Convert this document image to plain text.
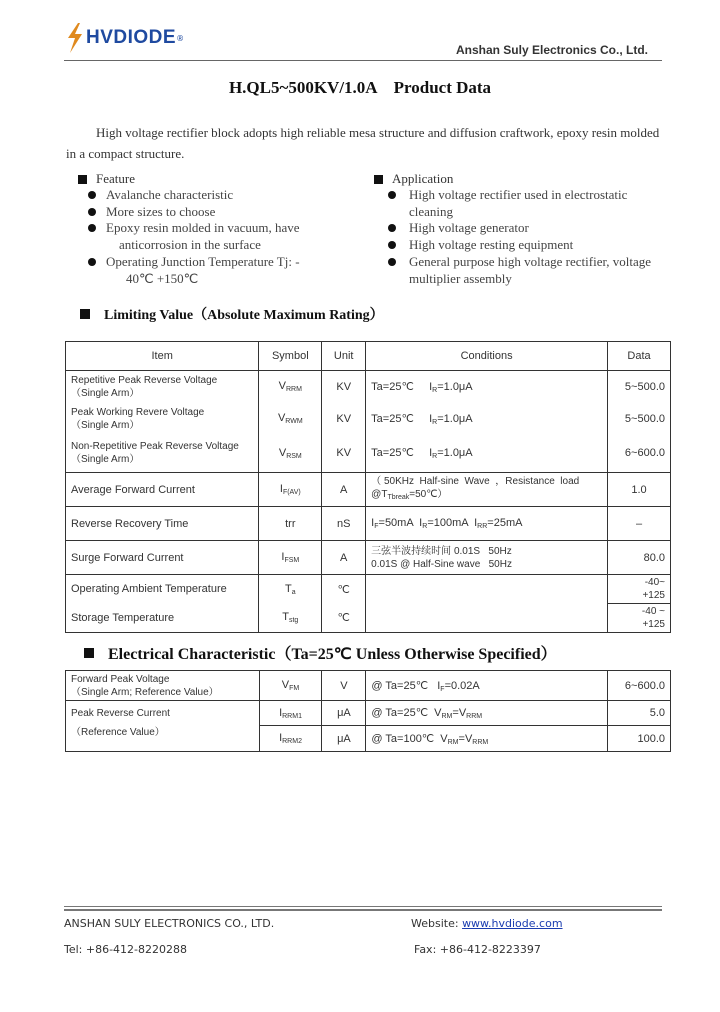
HVDIODE ®
Anshan Suly Electronics Co., Ltd.
H.QL5~500KV/1.0A    Product Data
High voltage rectifier block adopts high reliable mesa structure and diffusion craftwork, epoxy resin molded in a compact structure.
Feature
Avalanche characteristic
More sizes to choose
Epoxy resin molded in vacuum, have
anticorrosion in the surface
Operating Junction Temperature Tj: -
40℃ +150℃
Application
High voltage rectifier used in electrostatic
cleaning
High voltage generator
High voltage resting equipment
General purpose high voltage rectifier, voltage
multiplier assembly
Limiting Value（Absolute Maximum Rating）
Item	Symbol	Unit	Conditions	Data

Repetitive Peak Reverse Voltage
（Single Arm）	$V_{RRM}$	KV	Ta=25℃ $I_R=1.0\mu A$	5~500.0

Peak Working Revere Voltage
（Single Arm）	$V_{RWM}$	KV	Ta=25℃ $I_R=1.0\mu A$	5~500.0

Non-Repetitive Peak Reverse Voltage
（Single Arm）	$V_{RSM}$	KV	Ta=25℃ $I_R=1.0\mu A$	6~600.0
Average Forward Current	$I_{F(AV)}$	A	（ 50KHz  Half-sine  Wave  ，Resistance  load
$@T_{Tbreak}=50℃$）	1.0
Reverse Recovery Time	trr	nS	$I_F=50mA$  $I_R=100mA$  $I_{RR}=25mA$	–
Surge Forward Current	$I_{FSM}$	A	三弦半波持续时间 0.01S   50Hz
0.01S @ Half-Sine wave   50Hz	80.0
Operating Ambient Temperature	$T_a$	℃		-40~
+125

Storage Temperature	$T_{stg}$	℃		-40 ~
+125
Electrical Characteristic（Ta=25℃ Unless Otherwise Specified）
Forward Peak Voltage
（Single Arm; Reference Value）	$V_{FM}$	V	@ Ta=25℃   $I_F=0.02A$	6~600.0
Peak Reverse Current	$I_{RRM1}$	μA	@ Ta=25℃  $V_{RM}=V_{RRM}$	5.0
（Reference Value）	$I_{RRM2}$	μA	@ Ta=100℃  $V_{RM}=V_{RRM}$	100.0
ANSHAN SULY ELECTRONICS CO., LTD.	Website: www.hvdiode.com
Tel: +86-412-8220288	Fax: +86-412-8223397
